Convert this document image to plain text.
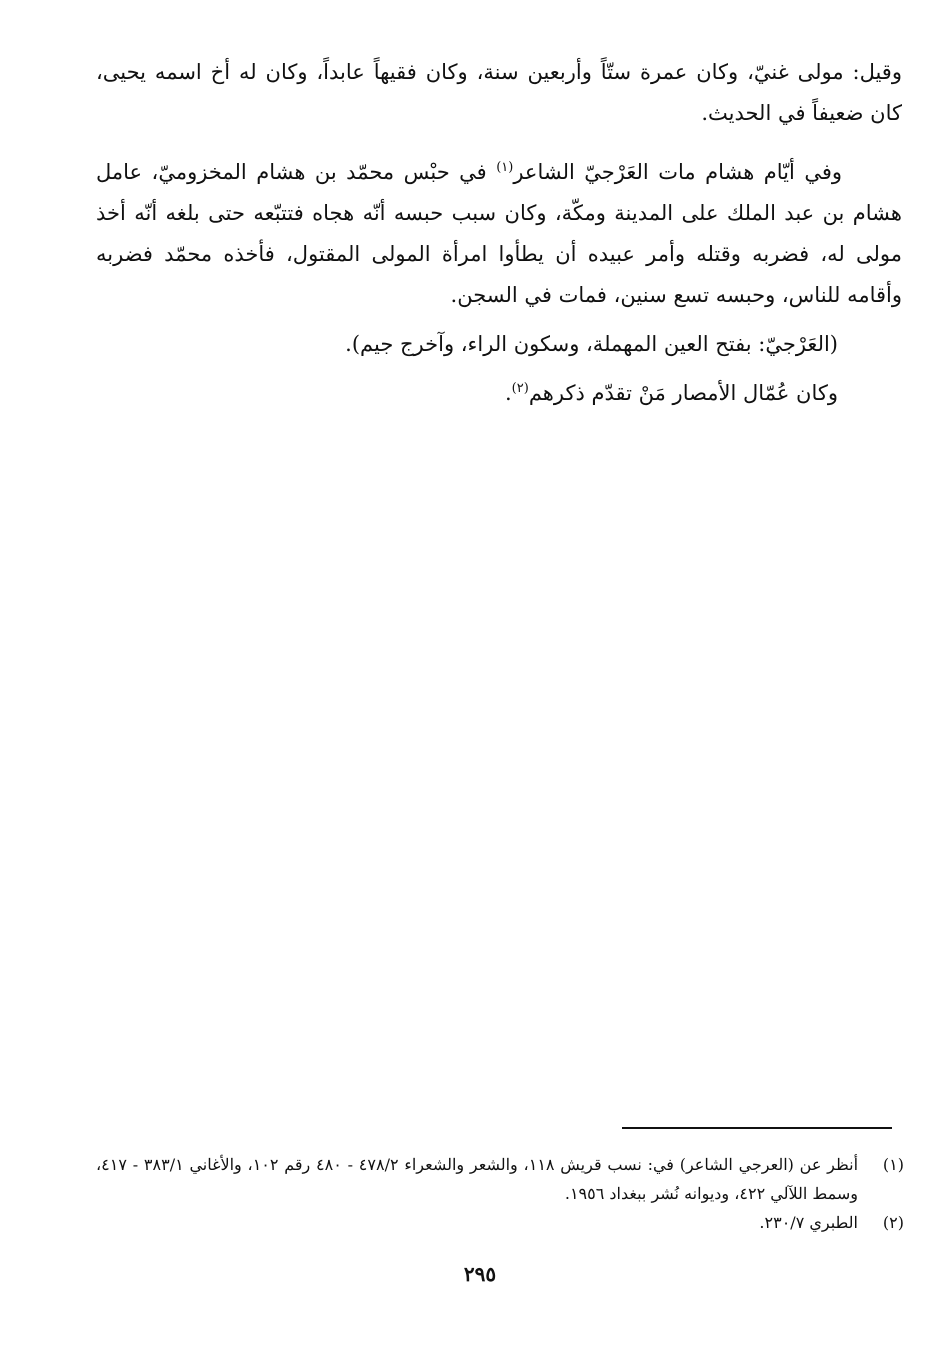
وقيل: مولى غنيّ، وكان عمرة ستّاً وأربعين سنة، وكان فقيهاً عابداً، وكان له أخ اسمه يحيى، كان ضعيفاً في الحديث.

وفي أيّام هشام مات العَرْجيّ الشاعر$^{(١)}$ في حبْس محمّد بن هشام المخزوميّ، عامل هشام بن عبد الملك على المدينة ومكّة، وكان سبب حبسه أنّه هجاه فتتبّعه حتى بلغه أنّه أخذ مولى له، فضربه وقتله وأمر عبيده أن يطأوا امرأة المولى المقتول، فأخذه محمّد فضربه وأقامه للناس، وحبسه تسع سنين، فمات في السجن.

(العَرْجيّ: بفتح العين المهملة، وسكون الراء، وآخرج جيم).

وكان عُمّال الأمصار مَنْ تقدّم ذكرهم$^{(٢)}$.

(١)
أنظر عن (العرجي الشاعر) في: نسب قريش ١١٨، والشعر والشعراء ٤٧٨/٢ - ٤٨٠ رقم ١٠٢، والأغاني ٣٨٣/١ - ٤١٧، وسمط اللآلي ٤٢٢، وديوانه نُشر ببغداد ١٩٥٦.
(٢)
الطبري ٢٣٠/٧.
٢٩٥
